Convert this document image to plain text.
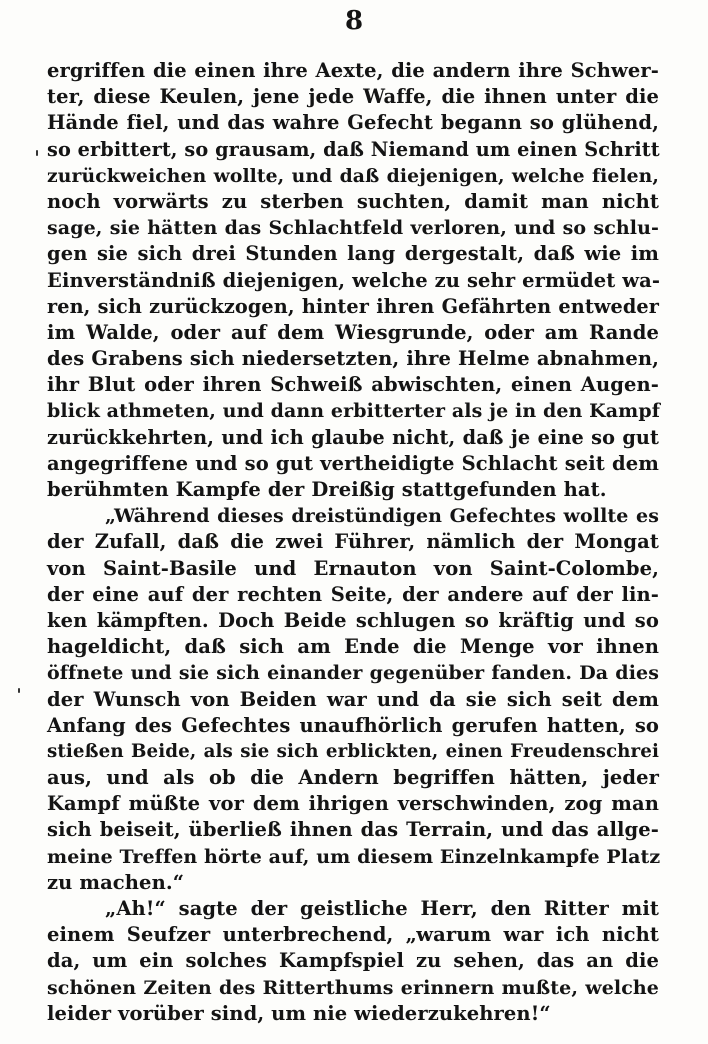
8
ergriffen die einen ihre Aexte, die andern ihre Schwer-
ter, diese Keulen, jene jede Waffe, die ihnen unter die
Hände fiel, und das wahre Gefecht begann so glühend,
so erbittert, so grausam, daß Niemand um einen Schritt
zurückweichen wollte, und daß diejenigen, welche fielen,
noch vorwärts zu sterben suchten, damit man nicht
sage, sie hätten das Schlachtfeld verloren, und so schlu-
gen sie sich drei Stunden lang dergestalt, daß wie im
Einverständniß diejenigen, welche zu sehr ermüdet wa-
ren, sich zurückzogen, hinter ihren Gefährten entweder
im Walde, oder auf dem Wiesgrunde, oder am Rande
des Grabens sich niedersetzten, ihre Helme abnahmen,
ihr Blut oder ihren Schweiß abwischten, einen Augen-
blick athmeten, und dann erbitterter als je in den Kampf
zurückkehrten, und ich glaube nicht, daß je eine so gut
angegriffene und so gut vertheidigte Schlacht seit dem
berühmten Kampfe der Dreißig stattgefunden hat.
„Während dieses dreistündigen Gefechtes wollte es
der Zufall, daß die zwei Führer, nämlich der Mongat
von Saint-Basile und Ernauton von Saint-Colombe,
der eine auf der rechten Seite, der andere auf der lin-
ken kämpften. Doch Beide schlugen so kräftig und so
hageldicht, daß sich am Ende die Menge vor ihnen
öffnete und sie sich einander gegenüber fanden. Da dies
der Wunsch von Beiden war und da sie sich seit dem
Anfang des Gefechtes unaufhörlich gerufen hatten, so
stießen Beide, als sie sich erblickten, einen Freudenschrei
aus, und als ob die Andern begriffen hätten, jeder
Kampf müßte vor dem ihrigen verschwinden, zog man
sich beiseit, überließ ihnen das Terrain, und das allge-
meine Treffen hörte auf, um diesem Einzelnkampfe Platz
zu machen.“
„Ah!“ sagte der geistliche Herr, den Ritter mit
einem Seufzer unterbrechend, „warum war ich nicht
da, um ein solches Kampfspiel zu sehen, das an die
schönen Zeiten des Ritterthums erinnern mußte, welche
leider vorüber sind, um nie wiederzukehren!“
